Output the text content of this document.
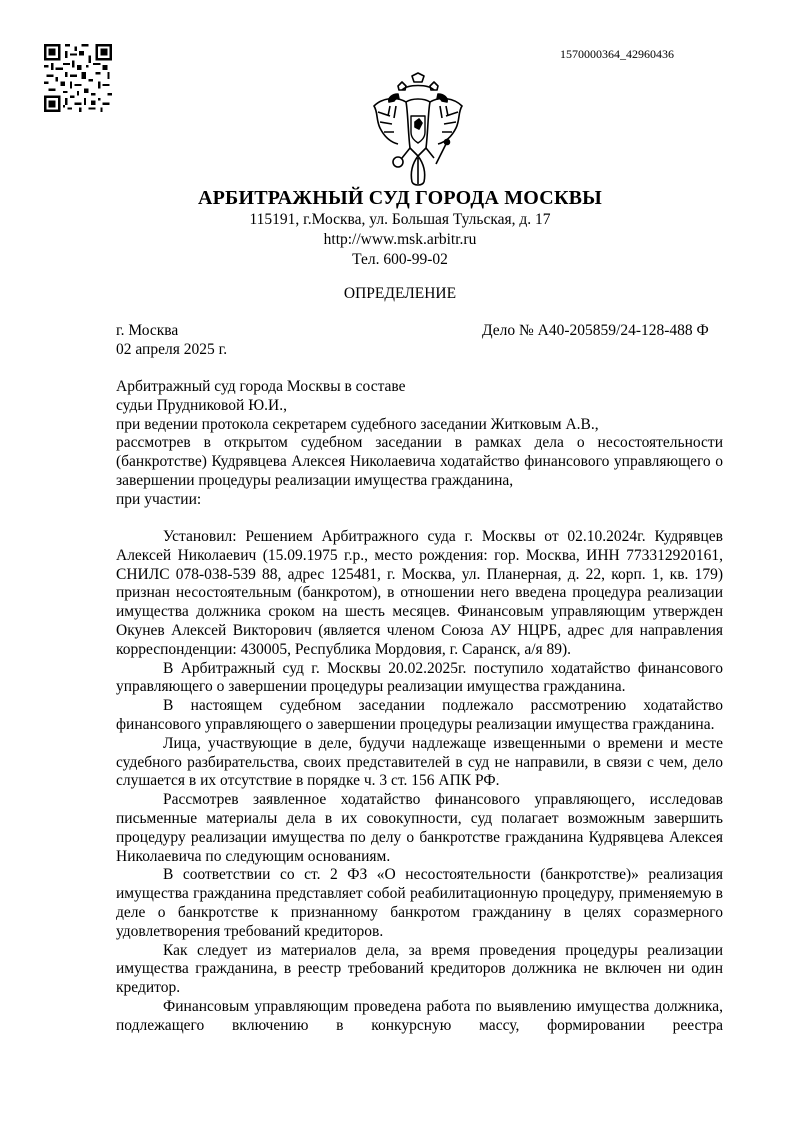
1570000364_42960436
АРБИТРАЖНЫЙ СУД ГОРОДА МОСКВЫ
115191, г.Москва, ул. Большая Тульская, д. 17
http://www.msk.arbitr.ru
Тел. 600-99-02
ОПРЕДЕЛЕНИЕ
г. Москва	Дело № А40-205859/24-128-488 Ф
02 апреля 2025 г.

Арбитражный суд города Москвы в составе

судьи Прудниковой Ю.И.,

при ведении протокола секретарем судебного заседании Житковым А.В.,

рассмотрев в открытом судебном заседании в рамках дела о несостоятельности (банкротстве) Кудрявцева Алексея Николаевича ходатайство финансового управляющего о завершении процедуры реализации имущества гражданина,

при участии:

Установил: Решением Арбитражного суда г. Москвы от 02.10.2024г. Кудрявцев Алексей Николаевич (15.09.1975 г.р., место рождения: гор. Москва, ИНН 773312920161, СНИЛС 078-038-539 88, адрес 125481, г. Москва, ул. Планерная, д. 22, корп. 1, кв. 179) признан несостоятельным (банкротом), в отношении него введена процедура реализации имущества должника сроком на шесть месяцев. Финансовым управляющим утвержден Окунев Алексей Викторович (является членом Союза АУ НЦРБ, адрес для направления корреспонденции: 430005, Республика Мордовия, г. Саранск, а/я 89).

В Арбитражный суд г. Москвы 20.02.2025г. поступило ходатайство финансового управляющего о завершении процедуры реализации имущества гражданина.

В настоящем судебном заседании подлежало рассмотрению ходатайство финансового управляющего о завершении процедуры реализации имущества гражданина.

Лица, участвующие в деле, будучи надлежаще извещенными о времени и месте судебного разбирательства, своих представителей в суд не направили, в связи с чем, дело слушается в их отсутствие в порядке ч. 3 ст. 156 АПК РФ.

Рассмотрев заявленное ходатайство финансового управляющего, исследовав письменные материалы дела в их совокупности, суд полагает возможным завершить процедуру реализации имущества по делу о банкротстве гражданина Кудрявцева Алексея Николаевича по следующим основаниям.

В соответствии со ст. 2 ФЗ «О несостоятельности (банкротстве)» реализация имущества гражданина представляет собой реабилитационную процедуру, применяемую в деле о банкротстве к признанному банкротом гражданину в целях соразмерного удовлетворения требований кредиторов.

Как следует из материалов дела, за время проведения процедуры реализации имущества гражданина, в реестр требований кредиторов должника не включен ни один кредитор.

Финансовым управляющим проведена работа по выявлению имущества должника, подлежащего включению в конкурсную массу, формировании реестра
